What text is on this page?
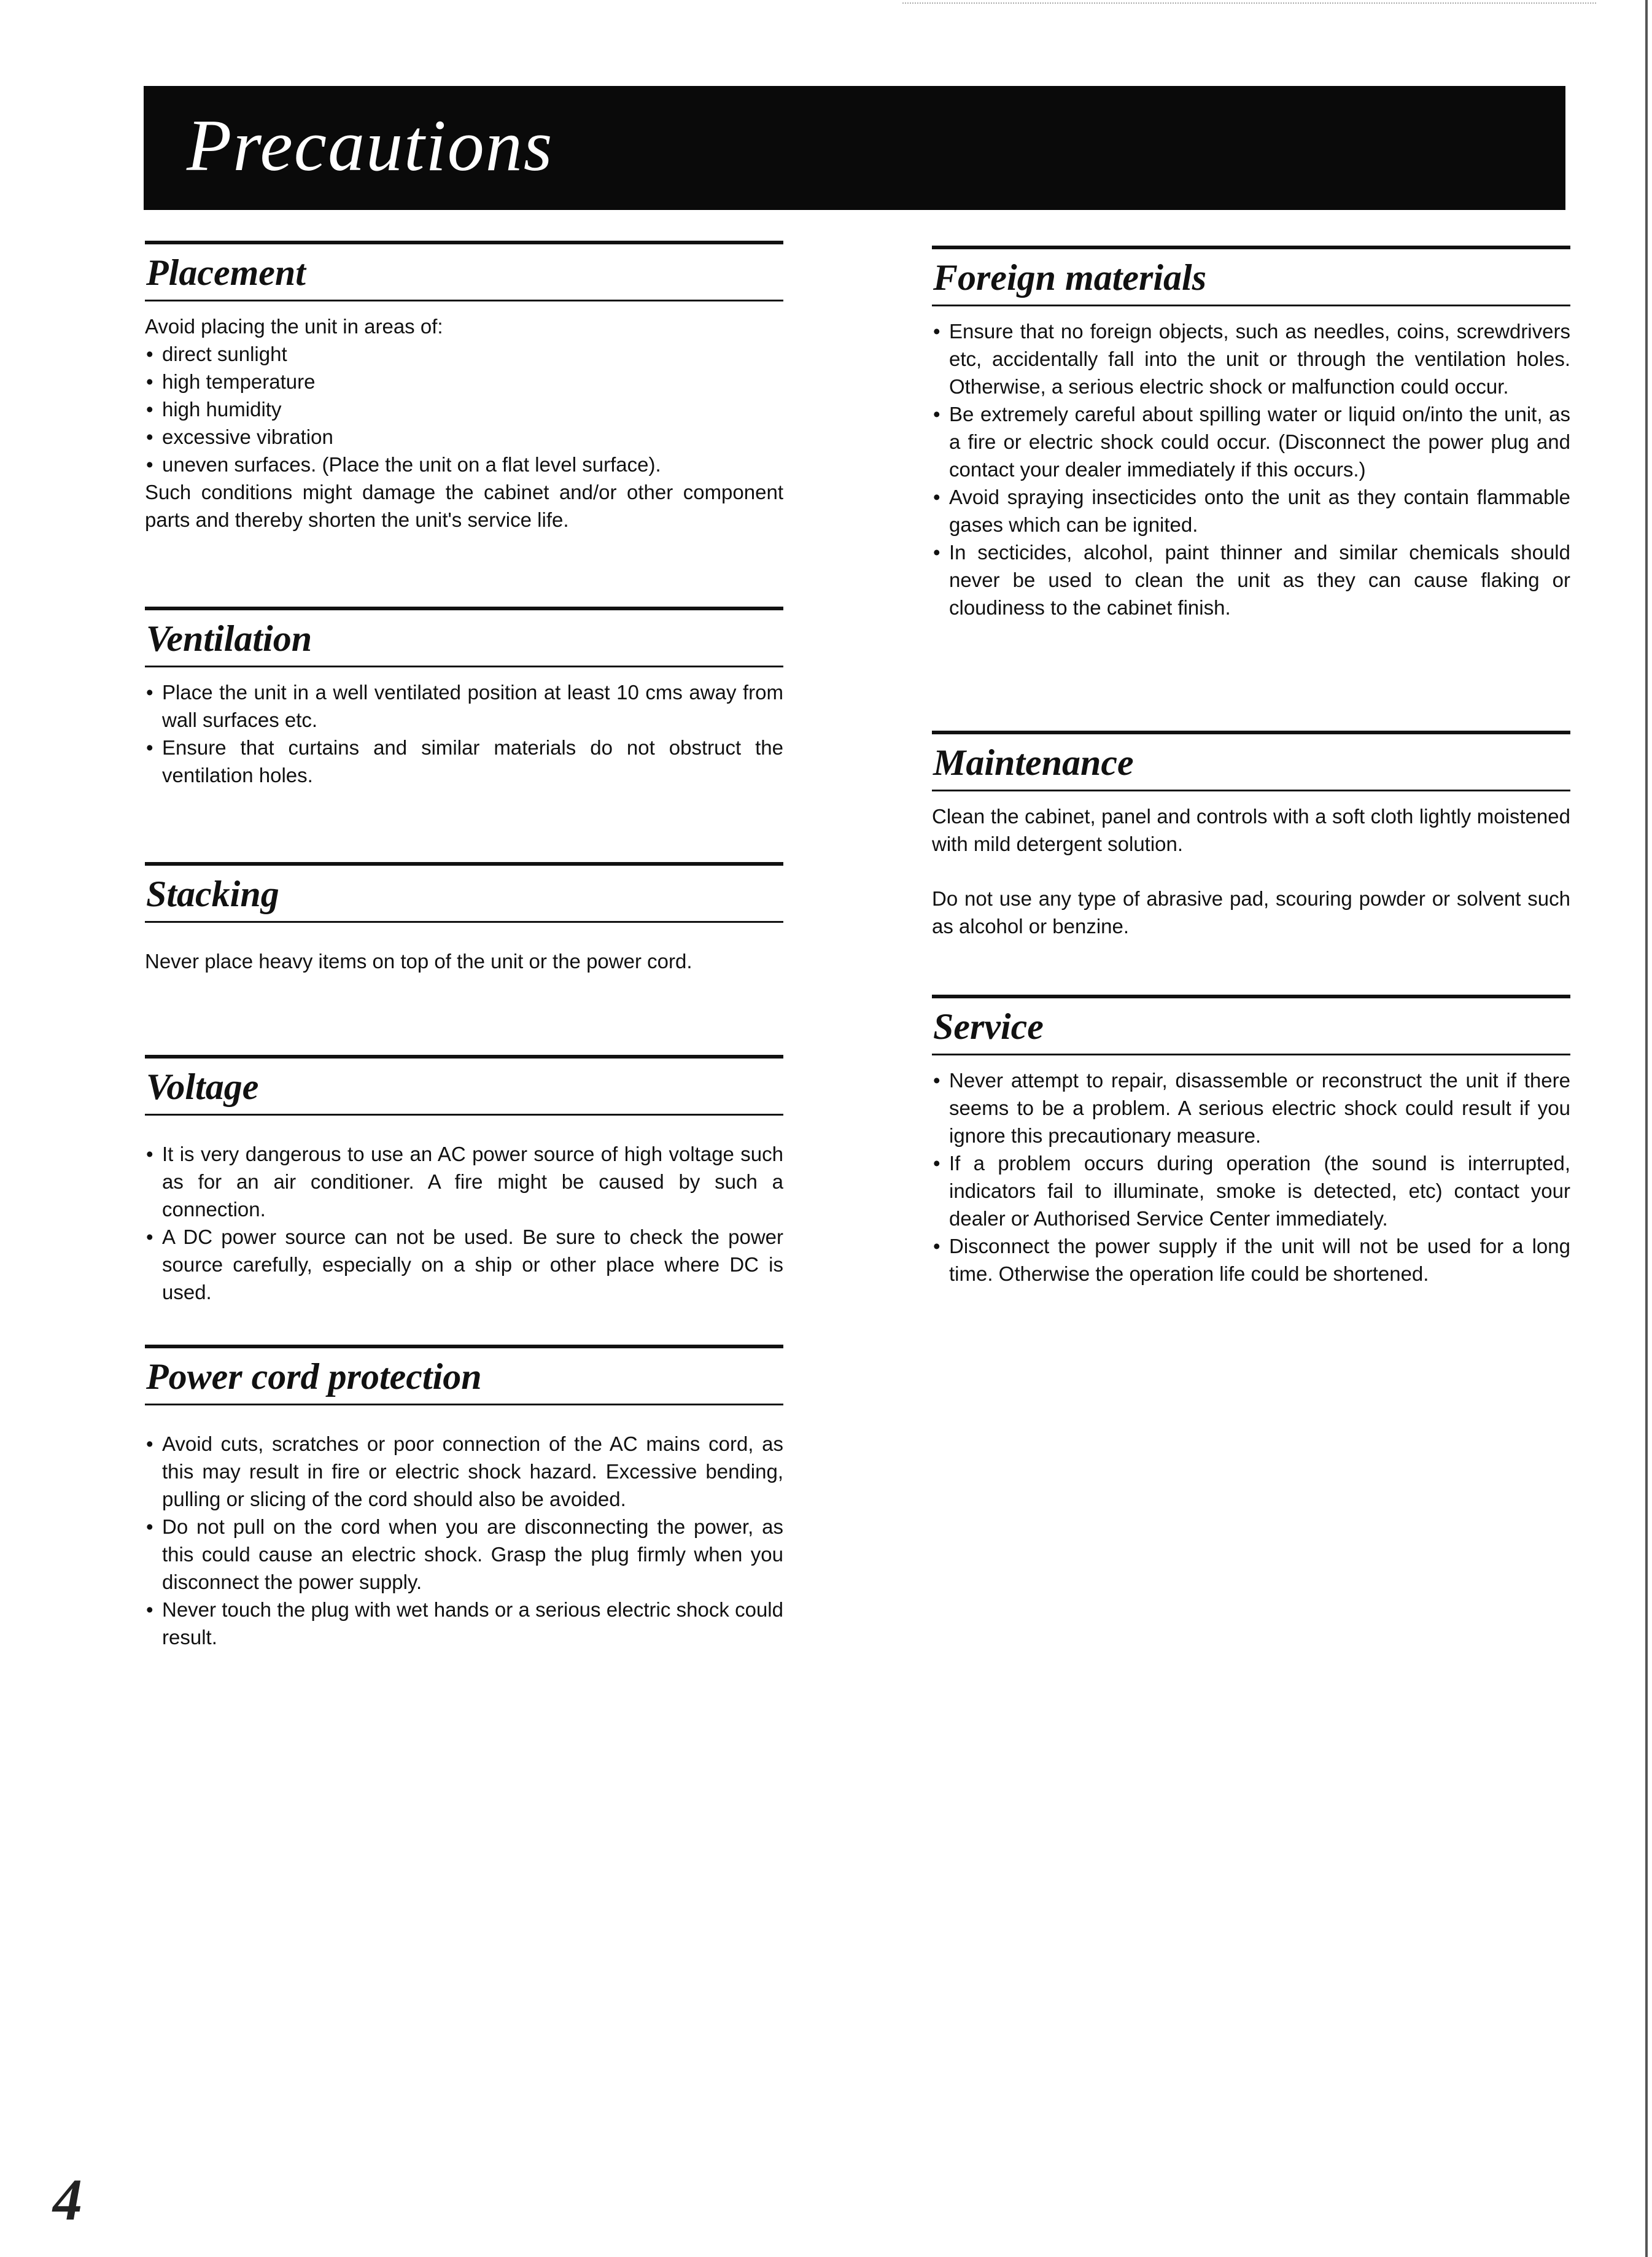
Precautions
Placement

Avoid placing the unit in areas of:

• direct sunlight
• high temperature
• high humidity
• excessive vibration
• uneven surfaces. (Place the unit on a flat level surface).

Such conditions might damage the cabinet and/or other component parts and thereby shorten the unit's service life.

Ventilation
• Place the unit in a well ventilated position at least 10 cms away from wall surfaces etc.
• Ensure that curtains and similar materials do not obstruct the ventilation holes.
Stacking

Never place heavy items on top of the unit or the power cord.

Voltage
• It is very dangerous to use an AC power source of high voltage such as for an air conditioner. A fire might be caused by such a connection.
• A DC power source can not be used. Be sure to check the power source carefully, especially on a ship or other place where DC is used.
Power cord protection
• Avoid cuts, scratches or poor connection of the AC mains cord, as this may result in fire or electric shock hazard. Excessive bending, pulling or slicing of the cord should also be avoided.
• Do not pull on the cord when you are disconnecting the power, as this could cause an electric shock. Grasp the plug firmly when you disconnect the power supply.
• Never touch the plug with wet hands or a serious electric shock could result.
Foreign materials
• Ensure that no foreign objects, such as needles, coins, screwdrivers etc, accidentally fall into the unit or through the ventilation holes. Otherwise, a serious electric shock or malfunction could occur.
• Be extremely careful about spilling water or liquid on/into the unit, as a fire or electric shock could occur. (Disconnect the power plug and contact your dealer immediately if this occurs.)
• Avoid spraying insecticides onto the unit as they contain flammable gases which can be ignited.
• In secticides, alcohol, paint thinner and similar chemicals should never be used to clean the unit as they can cause flaking or cloudiness to the cabinet finish.
Maintenance

Clean the cabinet, panel and controls with a soft cloth lightly moistened with mild detergent solution.

Do not use any type of abrasive pad, scouring powder or solvent such as alcohol or benzine.

Service
• Never attempt to repair, disassemble or reconstruct the unit if there seems to be a problem. A serious electric shock could result if you ignore this precautionary measure.
• If a problem occurs during operation (the sound is interrupted, indicators fail to illuminate, smoke is detected, etc) contact your dealer or Authorised Service Center immediately.
• Disconnect the power supply if the unit will not be used for a long time. Otherwise the operation life could be shortened.
4
